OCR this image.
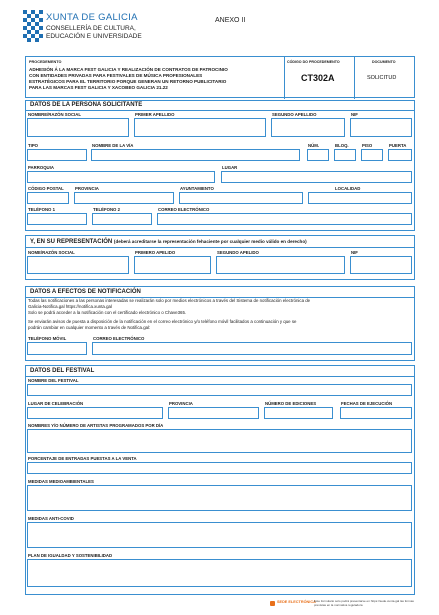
XUNTA DE GALICIA
CONSELLERÍA DE CULTURA,
EDUCACIÓN E UNIVERSIDADE
ANEXO II
PROCEDEMENTO
ADHESIÓN Á LA MARCA FEST GALICIA Y REALIZACIÓN DE CONTRATOS DE PATROCINIO
CON ENTIDADES PRIVADAS PARA FESTIVALES DE MÚSICA PROFESIONALES
ESTRATÉGICOS PARA EL TERRITORIO PORQUE GENERAN UN RETORNO PUBLICITARIO
PARA LAS MARCAS FEST GALICIA Y XACOBEO GALICIA 21.22
CÓDIGO DO PROCEDEMENTO
CT302A
DOCUMENTO
SOLICITUD
DATOS DE LA PERSONA SOLICITANTE
NOMBRE/RAZÓN SOCIAL	PRIMER APELLIDO	SEGUNDO APELLIDO	NIF
TIPO	NOMBRE DE LA VÍA	NÚM.	BLOQ.	PISO	PUERTA
PARROQUIA	LUGAR
CÓDIGO POSTAL	PROVINCIA	AYUNTAMIENTO	LOCALIDAD
TELÉFONO 1	TELÉFONO 2	CORREO ELECTRÓNICO
Y, EN SU REPRESENTACIÓN (deberá acreditarse la representación fehaciente por cualquier medio válido en derecho)
NOME/RAZÓN SOCIAL	PRIMERO APELIDO	SEGUNDO APELIDO	NIF
DATOS A EFECTOS DE NOTIFICACIÓN
Todas las notificaciones a las personas interesadas se realizarán solo por medios electrónicos a través del Sistema de notificación electrónica de
Galicia-Notifica.gal https://notifica.xunta.gal
Solo se podrá acceder a la notificación con el certificado electrónico o Chave365.
Se enviarán avisos de puesta a disposición de la notificación en el correo electrónico y/o teléfono móvil facilitados a continuación y que se
podrán cambiar en cualquier momento a través de Notifica.gal:
TELÉFONO MÓVIL	CORREO ELECTRÓNICO
DATOS DEL FESTIVAL
NOMBRE DEL FESTIVAL
LUGAR DE CELEBRACIÓN	PROVINCIA	NÚMERO DE EDICIONES	FECHAS DE EJECUCIÓN
NOMBRES Y/O NÚMERO DE ARTISTAS PROGRAMADOS POR DÍA
PORCENTAJE DE ENTRADAS PUESTAS A LA VENTA
MEDIDAS MEDIOAMBIENTALES
MEDIDAS ANTI-COVID
PLAN DE IGUALDAD Y SOSTENIBILIDAD
SEDE ELECTRÓNICA
Este formulario solo podrá presentarse en https://sede.xunta.gal las formas previstas en la normativa reguladora
